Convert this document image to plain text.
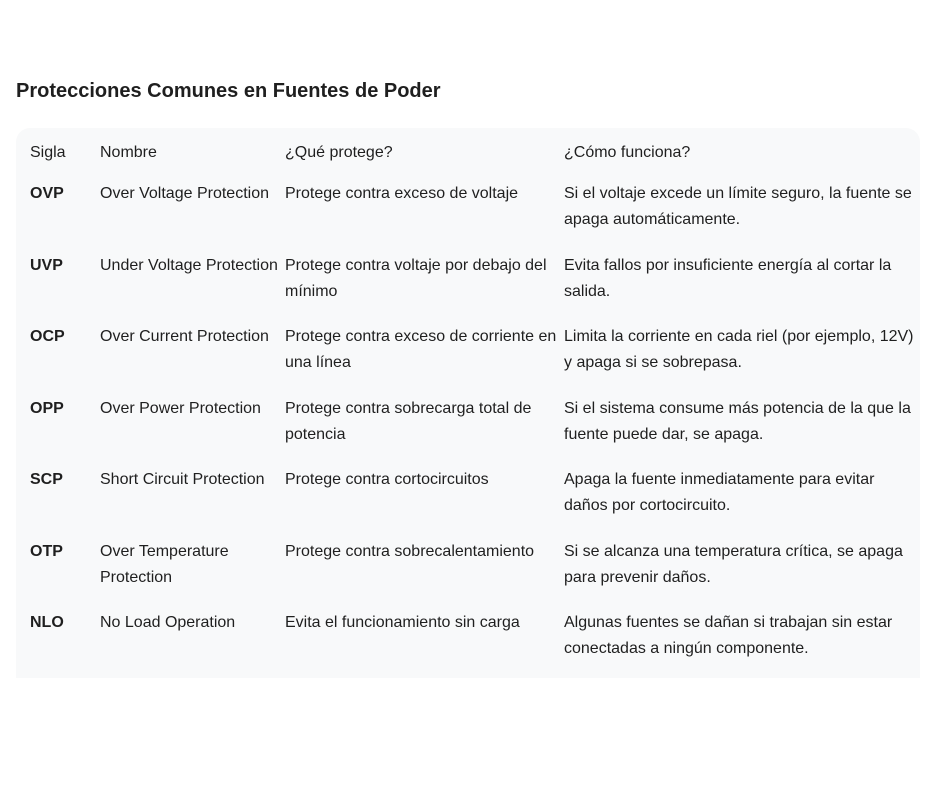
Protecciones Comunes en Fuentes de Poder
Sigla	Nombre	¿Qué protege?	¿Cómo funciona?
OVP	Over Voltage Protection	Protege contra exceso de voltaje	Si el voltaje excede un límite seguro, la fuente se apaga automáticamente.
UVP	Under Voltage Protection	Protege contra voltaje por debajo del mínimo	Evita fallos por insuficiente energía al cortar la salida.
OCP	Over Current Protection	Protege contra exceso de corriente en una línea	Limita la corriente en cada riel (por ejemplo, 12V) y apaga si se sobrepasa.
OPP	Over Power Protection	Protege contra sobrecarga total de potencia	Si el sistema consume más potencia de la que la fuente puede dar, se apaga.
SCP	Short Circuit Protection	Protege contra cortocircuitos	Apaga la fuente inmediatamente para evitar daños por cortocircuito.
OTP	Over Temperature Protection	Protege contra sobrecalentamiento	Si se alcanza una temperatura crítica, se apaga para prevenir daños.
NLO	No Load Operation	Evita el funcionamiento sin carga	Algunas fuentes se dañan si trabajan sin estar conectadas a ningún componente.
